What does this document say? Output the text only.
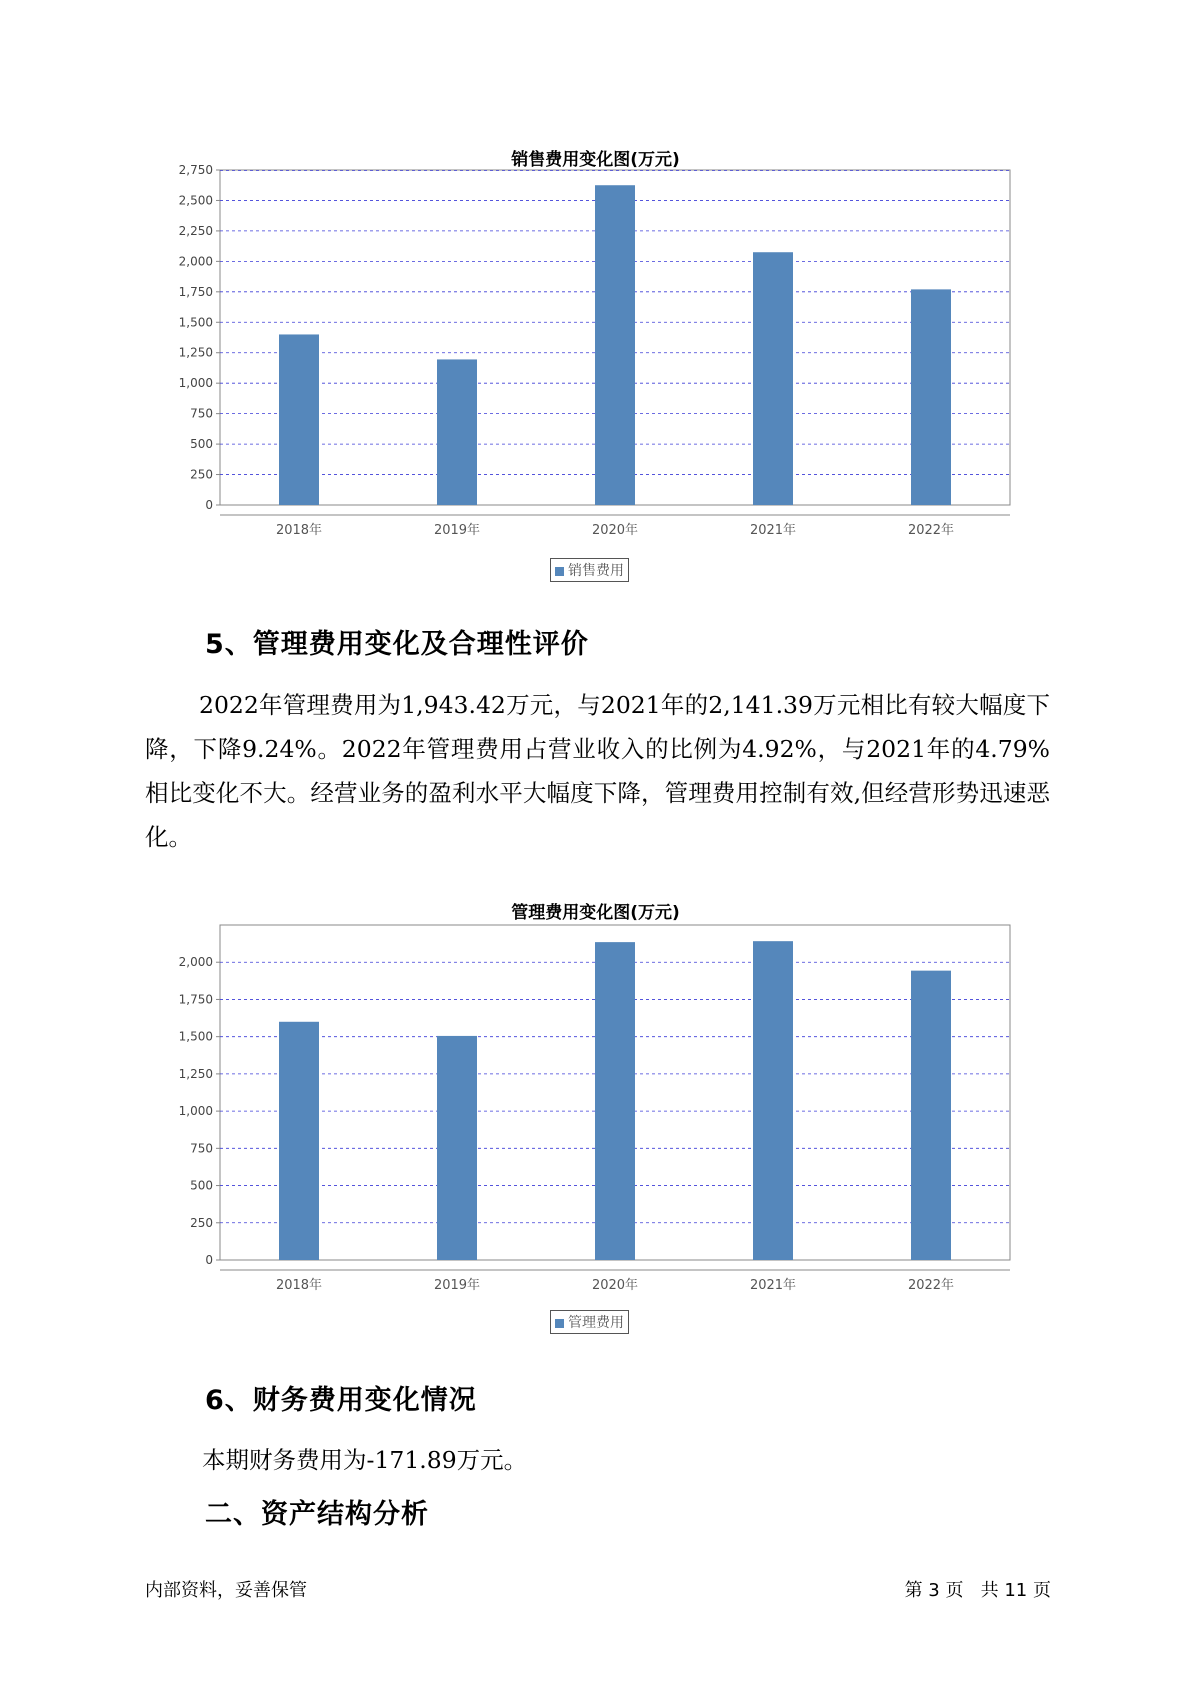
销售费用变化图(万元)
0
250
500
750
1,000
1,250
1,500
1,750
2,000
2,250
2,500
2,750
2018年	2019年	2020年	2021年	2022年
销售费用
5、管理费用变化及合理性评价
2022年管理费用为1,943.42万元，与2021年的2,141.39万元相比有较大幅度下降，下降9.24%。2022年管理费用占营业收入的比例为4.92%，与2021年的4.79%相比变化不大。经营业务的盈利水平大幅度下降，管理费用控制有效,但经营形势迅速恶化。
管理费用变化图(万元)
0
250
500
750
1,000
1,250
1,500
1,750
2,000
2018年	2019年	2020年	2021年	2022年
管理费用
6、财务费用变化情况
本期财务费用为-171.89万元。
二、资产结构分析
内部资料，妥善保管	第 3 页   共 11 页
